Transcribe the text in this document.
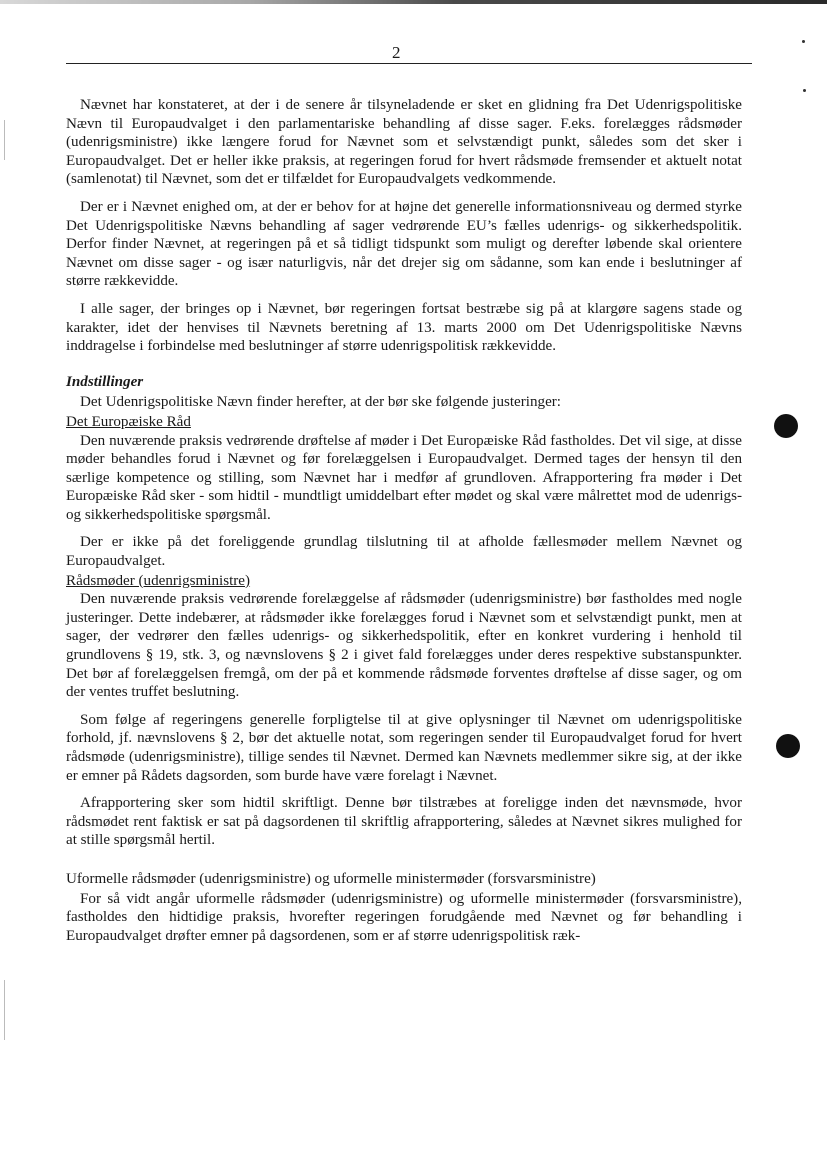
2

Nævnet har konstateret, at der i de senere år tilsyneladende er sket en glidning fra Det Udenrigspolitiske Nævn til Europaudvalget i den parlamentariske behandling af disse sager. F.eks. forelægges rådsmøder (udenrigsministre) ikke længere forud for Nævnet som et selvstændigt punkt, således som det sker i Europaudvalget. Det er heller ikke praksis, at regeringen forud for hvert rådsmøde fremsender et aktuelt notat (samlenotat) til Nævnet, som det er tilfældet for Europaudvalgets vedkommende.

Der er i Nævnet enighed om, at der er behov for at højne det generelle informationsniveau og dermed styrke Det Udenrigspolitiske Nævns behandling af sager vedrørende EU’s fælles udenrigs- og sikkerhedspolitik. Derfor finder Nævnet, at regeringen på et så tidligt tidspunkt som muligt og derefter løbende skal orientere Nævnet om disse sager - og især naturligvis, når det drejer sig om sådanne, som kan ende i beslutninger af større rækkevidde.

I alle sager, der bringes op i Nævnet, bør regeringen fortsat bestræbe sig på at klargøre sagens stade og karakter, idet der henvises til Nævnets beretning af 13. marts 2000 om Det Udenrigspolitiske Nævns inddragelse i forbindelse med beslutninger af større udenrigspolitisk rækkevidde.

Indstillinger

Det Udenrigspolitiske Nævn finder herefter, at der bør ske følgende justeringer:

Det Europæiske Råd

Den nuværende praksis vedrørende drøftelse af møder i Det Europæiske Råd fastholdes. Det vil sige, at disse møder behandles forud i Nævnet og før forelæggelsen i Europaudvalget. Dermed tages der hensyn til den særlige kompetence og stilling, som Nævnet har i medfør af grundloven. Afrapportering fra møder i Det Europæiske Råd sker - som hidtil - mundtligt umiddelbart efter mødet og skal være målrettet mod de udenrigs- og sikkerhedspolitiske spørgsmål.

Der er ikke på det foreliggende grundlag tilslutning til at afholde fællesmøder mellem Nævnet og Europaudvalget.

Rådsmøder (udenrigsministre)

Den nuværende praksis vedrørende forelæggelse af rådsmøder (udenrigsministre) bør fastholdes med nogle justeringer. Dette indebærer, at rådsmøder ikke forelægges forud i Nævnet som et selvstændigt punkt, men at sager, der vedrører den fælles udenrigs- og sikkerhedspolitik, efter en konkret vurdering i henhold til grundlovens § 19, stk. 3, og nævnslovens § 2 i givet fald forelægges under deres respektive substanspunkter. Det bør af forelæggelsen fremgå, om der på et kommende rådsmøde forventes drøftelse af disse sager, og om der ventes truffet beslutning.

Som følge af regeringens generelle forpligtelse til at give oplysninger til Nævnet om udenrigspolitiske forhold, jf. nævnslovens § 2, bør det aktuelle notat, som regeringen sender til Europaudvalget forud for hvert rådsmøde (udenrigsministre), tillige sendes til Nævnet. Dermed kan Nævnets medlemmer sikre sig, at der ikke er emner på Rådets dagsorden, som burde have være forelagt i Nævnet.

Afrapportering sker som hidtil skriftligt. Denne bør tilstræbes at foreligge inden det nævnsmøde, hvor rådsmødet rent faktisk er sat på dagsordenen til skriftlig afrapportering, således at Nævnet sikres mulighed for at stille spørgsmål hertil.

Uformelle rådsmøder (udenrigsministre) og uformelle ministermøder (forsvarsministre)

For så vidt angår uformelle rådsmøder (udenrigsministre) og uformelle ministermøder (forsvarsministre), fastholdes den hidtidige praksis, hvorefter regeringen forudgående med Nævnet og før behandling i Europaudvalget drøfter emner på dagsordenen, som er af større udenrigspolitisk ræk-
